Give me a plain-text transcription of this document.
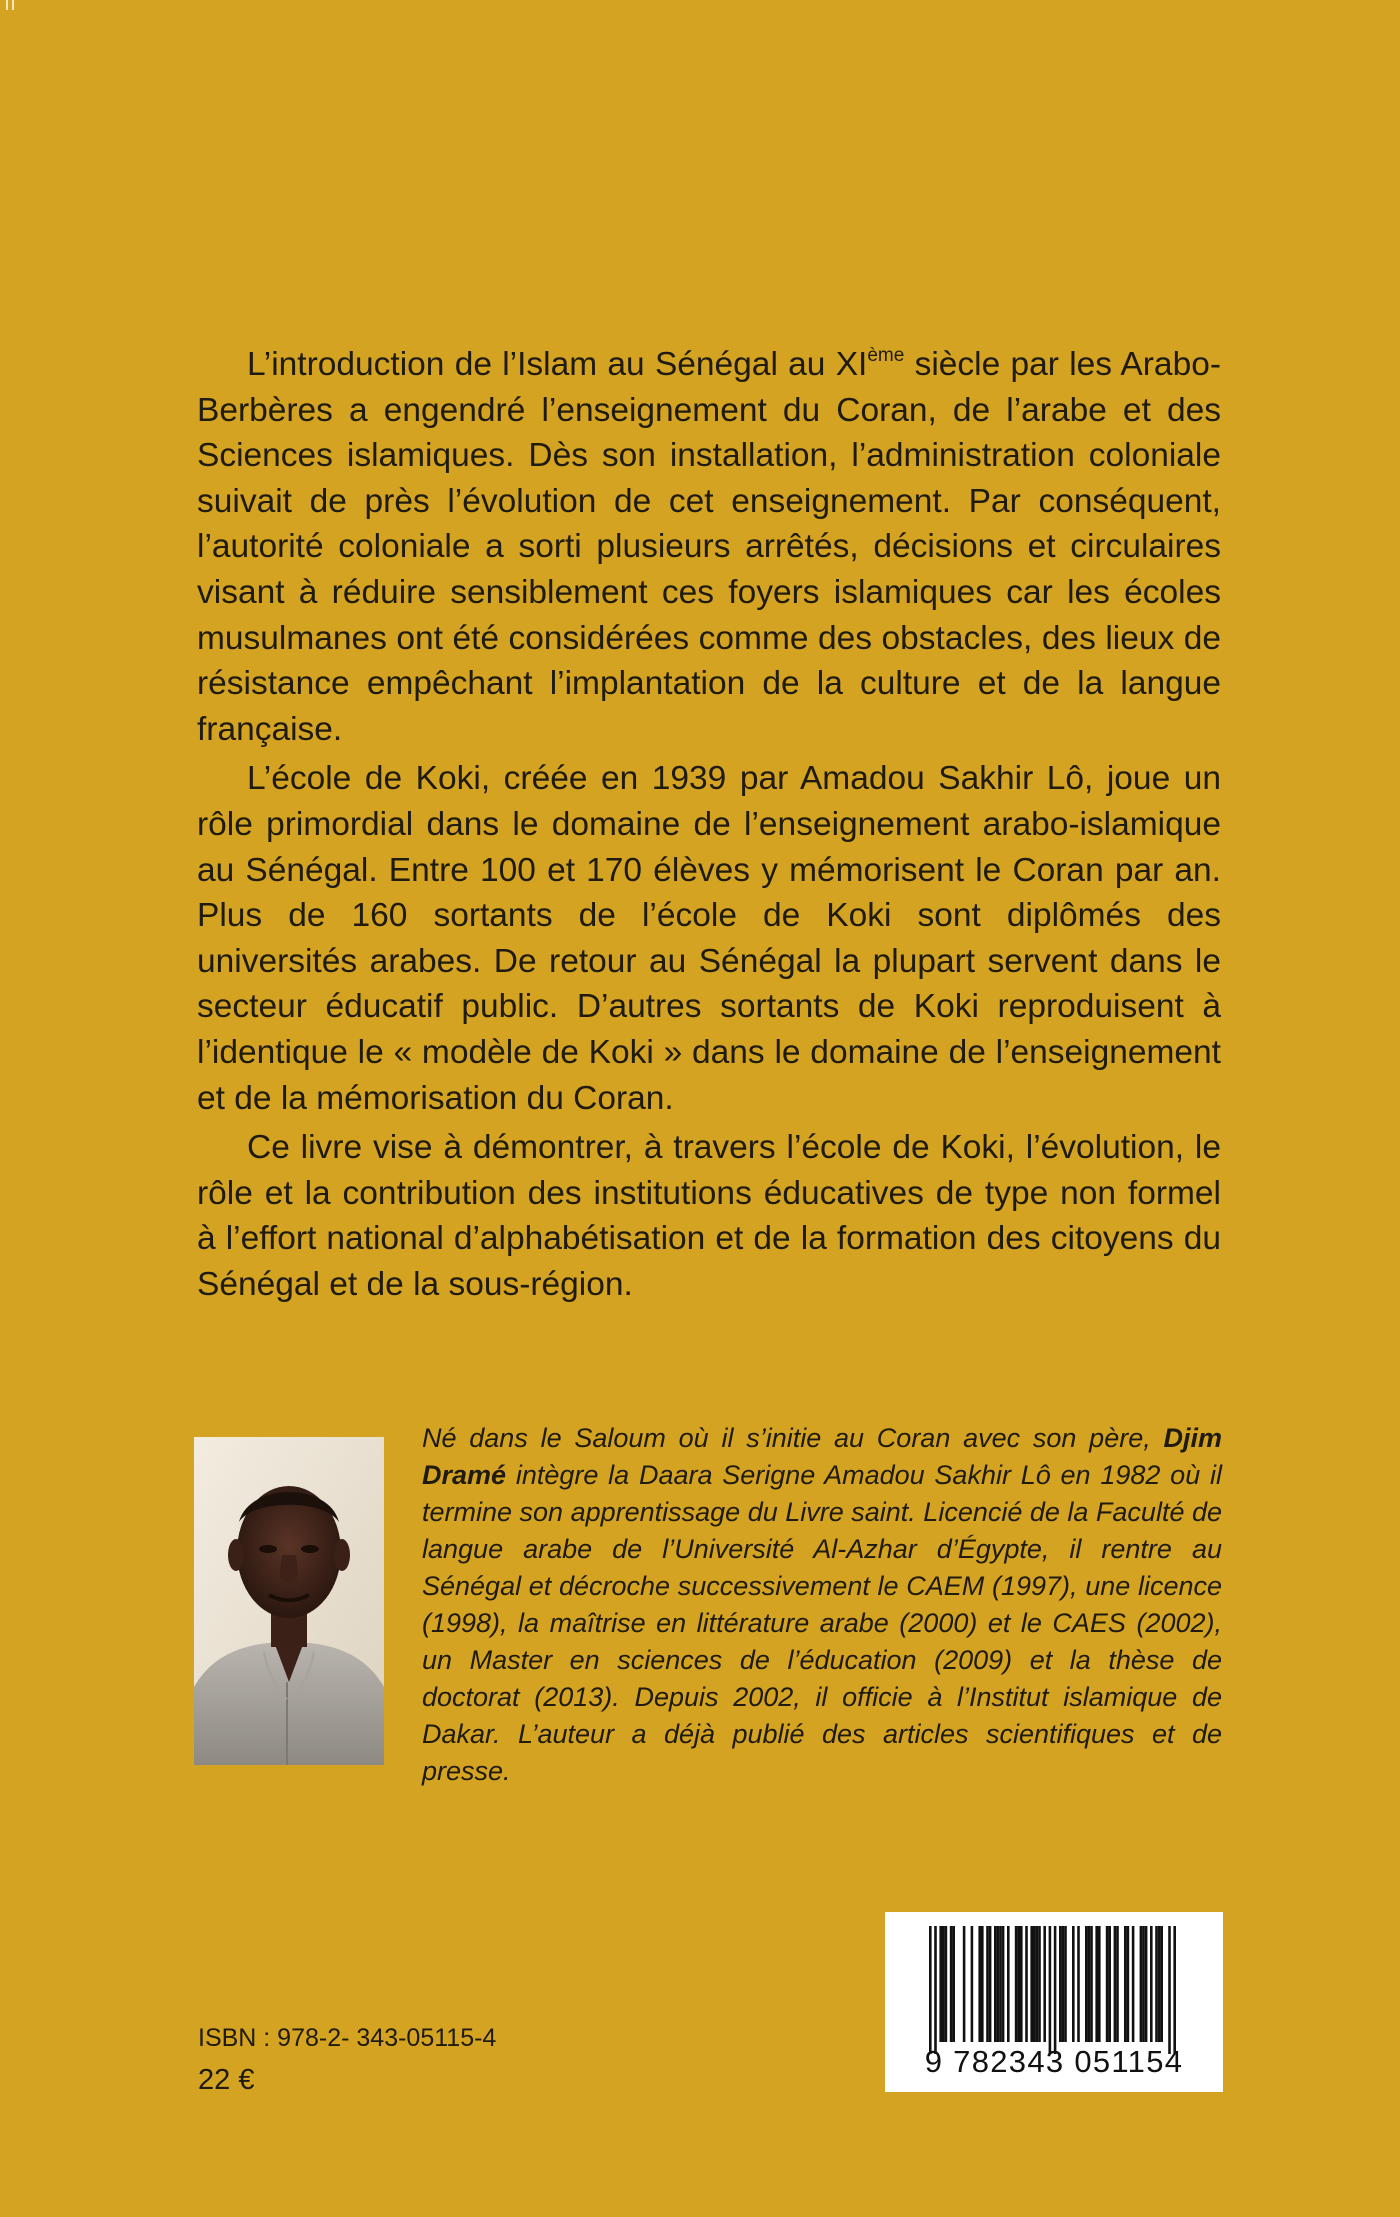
L’introduction de l’Islam au Sénégal au XIème siècle par les Arabo-Berbères a engendré l’enseignement du Coran, de l’arabe et des Sciences islamiques. Dès son installation, l’administration coloniale suivait de près l’évolution de cet enseignement. Par conséquent, l’autorité coloniale a sorti plusieurs arrêtés, décisions et circulaires visant à réduire sensiblement ces foyers islamiques car les écoles musulmanes ont été considérées comme des obstacles, des lieux de résistance empêchant l’implantation de la culture et de la langue française.

L’école de Koki, créée en 1939 par Amadou Sakhir Lô, joue un rôle primordial dans le domaine de l’enseignement arabo-islamique au Sénégal. Entre 100 et 170 élèves y mémorisent le Coran par an. Plus de 160 sortants de l’école de Koki sont diplômés des universités arabes. De retour au Sénégal la plupart servent dans le secteur éducatif public. D’autres sortants de Koki reproduisent à l’identique le « modèle de Koki » dans le domaine de l’enseignement et de la mémorisation du Coran.

Ce livre vise à démontrer, à travers l’école de Koki, l’évolution, le rôle et la contribution des institutions éducatives de type non formel à l’effort national d’alphabétisation et de la formation des citoyens du Sénégal et de la sous-région.

Né dans le Saloum où il s’initie au Coran avec son père, Djim Dramé intègre la Daara Serigne Amadou Sakhir Lô en 1982 où il termine son apprentissage du Livre saint. Licencié de la Faculté de langue arabe de l’Université Al-Azhar d’Égypte, il rentre au Sénégal et décroche successivement le CAEM (1997), une licence (1998), la maîtrise en littérature arabe (2000) et le CAES (2002), un Master en sciences de l’éducation (2009) et la thèse de doctorat (2013). Depuis 2002, il officie à l’Institut islamique de Dakar. L’auteur a déjà publié des articles scientifiques et de presse.
9 782343 051154
ISBN : 978-2- 343-05115-4
22 €
